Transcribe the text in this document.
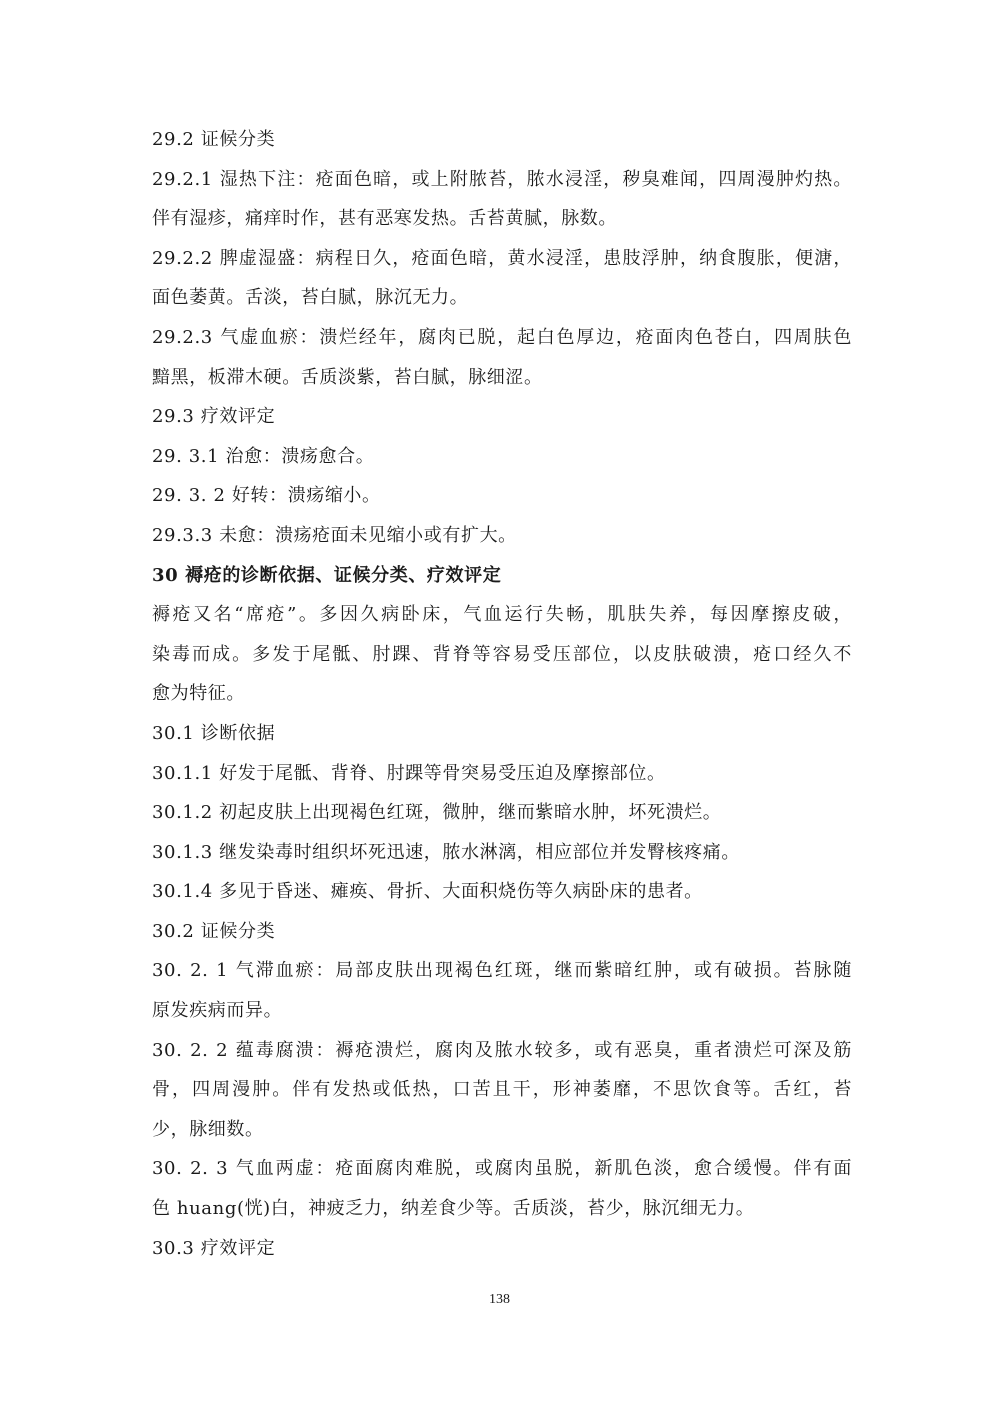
29.2 证候分类
29.2.1 湿热下注：疮面色暗，或上附脓苔，脓水浸淫，秽臭难闻，四周漫肿灼热。
伴有湿疹，痛痒时作，甚有恶寒发热。舌苔黄腻，脉数。
29.2.2 脾虚湿盛：病程日久，疮面色暗，黄水浸淫，患肢浮肿，纳食腹胀，便溏，
面色萎黄。舌淡，苔白腻，脉沉无力。
29.2.3 气虚血瘀：溃烂经年，腐肉已脱，起白色厚边，疮面肉色苍白，四周肤色
黯黑，板滞木硬。舌质淡紫，苔白腻，脉细涩。
29.3 疗效评定
29. 3.1 治愈：溃疡愈合。
29. 3. 2 好转：溃疡缩小。
29.3.3 未愈：溃疡疮面未见缩小或有扩大。
30 褥疮的诊断依据、证候分类、疗效评定
褥疮又名“席疮”。多因久病卧床，气血运行失畅，肌肤失养，每因摩擦皮破，
染毒而成。多发于尾骶、肘踝、背脊等容易受压部位，以皮肤破溃，疮口经久不
愈为特征。
30.1 诊断依据
30.1.1 好发于尾骶、背脊、肘踝等骨突易受压迫及摩擦部位。
30.1.2 初起皮肤上出现褐色红斑，微肿，继而紫暗水肿，坏死溃烂。
30.1.3 继发染毒时组织坏死迅速，脓水淋漓，相应部位并发臀核疼痛。
30.1.4 多见于昏迷、瘫痪、骨折、大面积烧伤等久病卧床的患者。
30.2 证候分类
30. 2. 1 气滞血瘀：局部皮肤出现褐色红斑，继而紫暗红肿，或有破损。苔脉随
原发疾病而异。
30. 2. 2 蕴毒腐溃：褥疮溃烂，腐肉及脓水较多，或有恶臭，重者溃烂可深及筋
骨，四周漫肿。伴有发热或低热，口苦且干，形神萎靡，不思饮食等。舌红，苔
少，脉细数。
30. 2. 3 气血两虚：疮面腐肉难脱，或腐肉虽脱，新肌色淡，愈合缓慢。伴有面
色 huang(恍)白，神疲乏力，纳差食少等。舌质淡，苔少，脉沉细无力。
30.3 疗效评定
138
